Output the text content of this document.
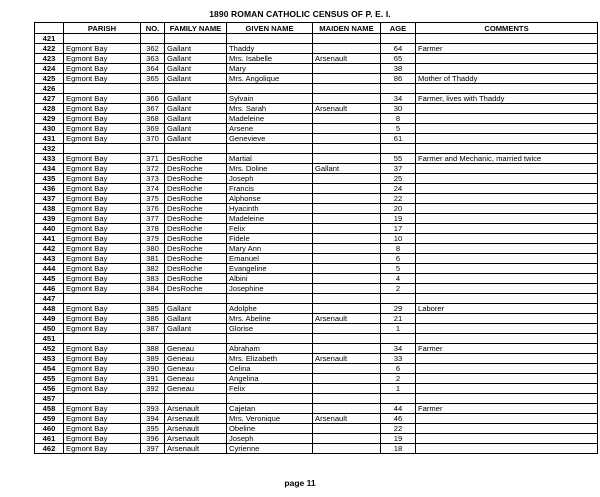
1890 ROMAN CATHOLIC CENSUS OF P. E. I.
	PARISH	NO.	FAMILY NAME	GIVEN NAME	MAIDEN NAME	AGE	COMMENTS
421							
422	Egmont Bay	362	Gallant	Thaddy		64	Farmer
423	Egmont Bay	363	Gallant	Mrs. Isabelle	Arsenault	65	
424	Egmont Bay	364	Gallant	Mary		38	
425	Egmont Bay	365	Gallant	Mrs. Angolique		86	Mother of Thaddy
426							
427	Egmont Bay	366	Gallant	Sylvain		34	Farmer, lives with Thaddy
428	Egmont Bay	367	Gallant	Mrs. Sarah	Arsenault	30	
429	Egmont Bay	368	Gallant	Madeleine		8	
430	Egmont Bay	369	Gallant	Arsene		5	
431	Egmont Bay	370	Gallant	Genevieve		61	
432							
433	Egmont Bay	371	DesRoche	Martial		55	Farmer and Mechanic, married twice
434	Egmont Bay	372	DesRoche	Mrs. Doline	Gallant	37	
435	Egmont Bay	373	DesRoche	Joseph		25	
436	Egmont Bay	374	DesRoche	Francis		24	
437	Egmont Bay	375	DesRoche	Alphonse		22	
438	Egmont Bay	376	DesRoche	Hyacinth		20	
439	Egmont Bay	377	DesRoche	Madeleine		19	
440	Egmont Bay	378	DesRoche	Felix		17	
441	Egmont Bay	379	DesRoche	Fidele		10	
442	Egmont Bay	380	DesRoche	Mary Ann		8	
443	Egmont Bay	381	DesRoche	Emanuel		6	
444	Egmont Bay	382	DesRoche	Evangeline		5	
445	Egmont Bay	383	DesRoche	Albini		4	
446	Egmont Bay	384	DesRoche	Josephine		2	
447							
448	Egmont Bay	385	Gallant	Adolphe		29	Laborer
449	Egmont Bay	386	Gallant	Mrs. Abeline	Arsenault	21	
450	Egmont Bay	387	Gallant	Glorise		1	
451							
452	Egmont Bay	388	Geneau	Abraham		34	Farmer
453	Egmont Bay	389	Geneau	Mrs. Elizabeth	Arsenault	33	
454	Egmont Bay	390	Geneau	Celina		6	
455	Egmont Bay	391	Geneau	Angelina		2	
456	Egmont Bay	392	Geneau	Felix		1	
457							
458	Egmont Bay	393	Arsenault	Cajetan		44	Farmer
459	Egmont Bay	394	Arsenault	Mrs. Veronique	Arsenault	46	
460	Egmont Bay	395	Arsenault	Obeline		22	
461	Egmont Bay	396	Arsenault	Joseph		19	
462	Egmont Bay	397	Arsenault	Cyrienne		18	
page 11
